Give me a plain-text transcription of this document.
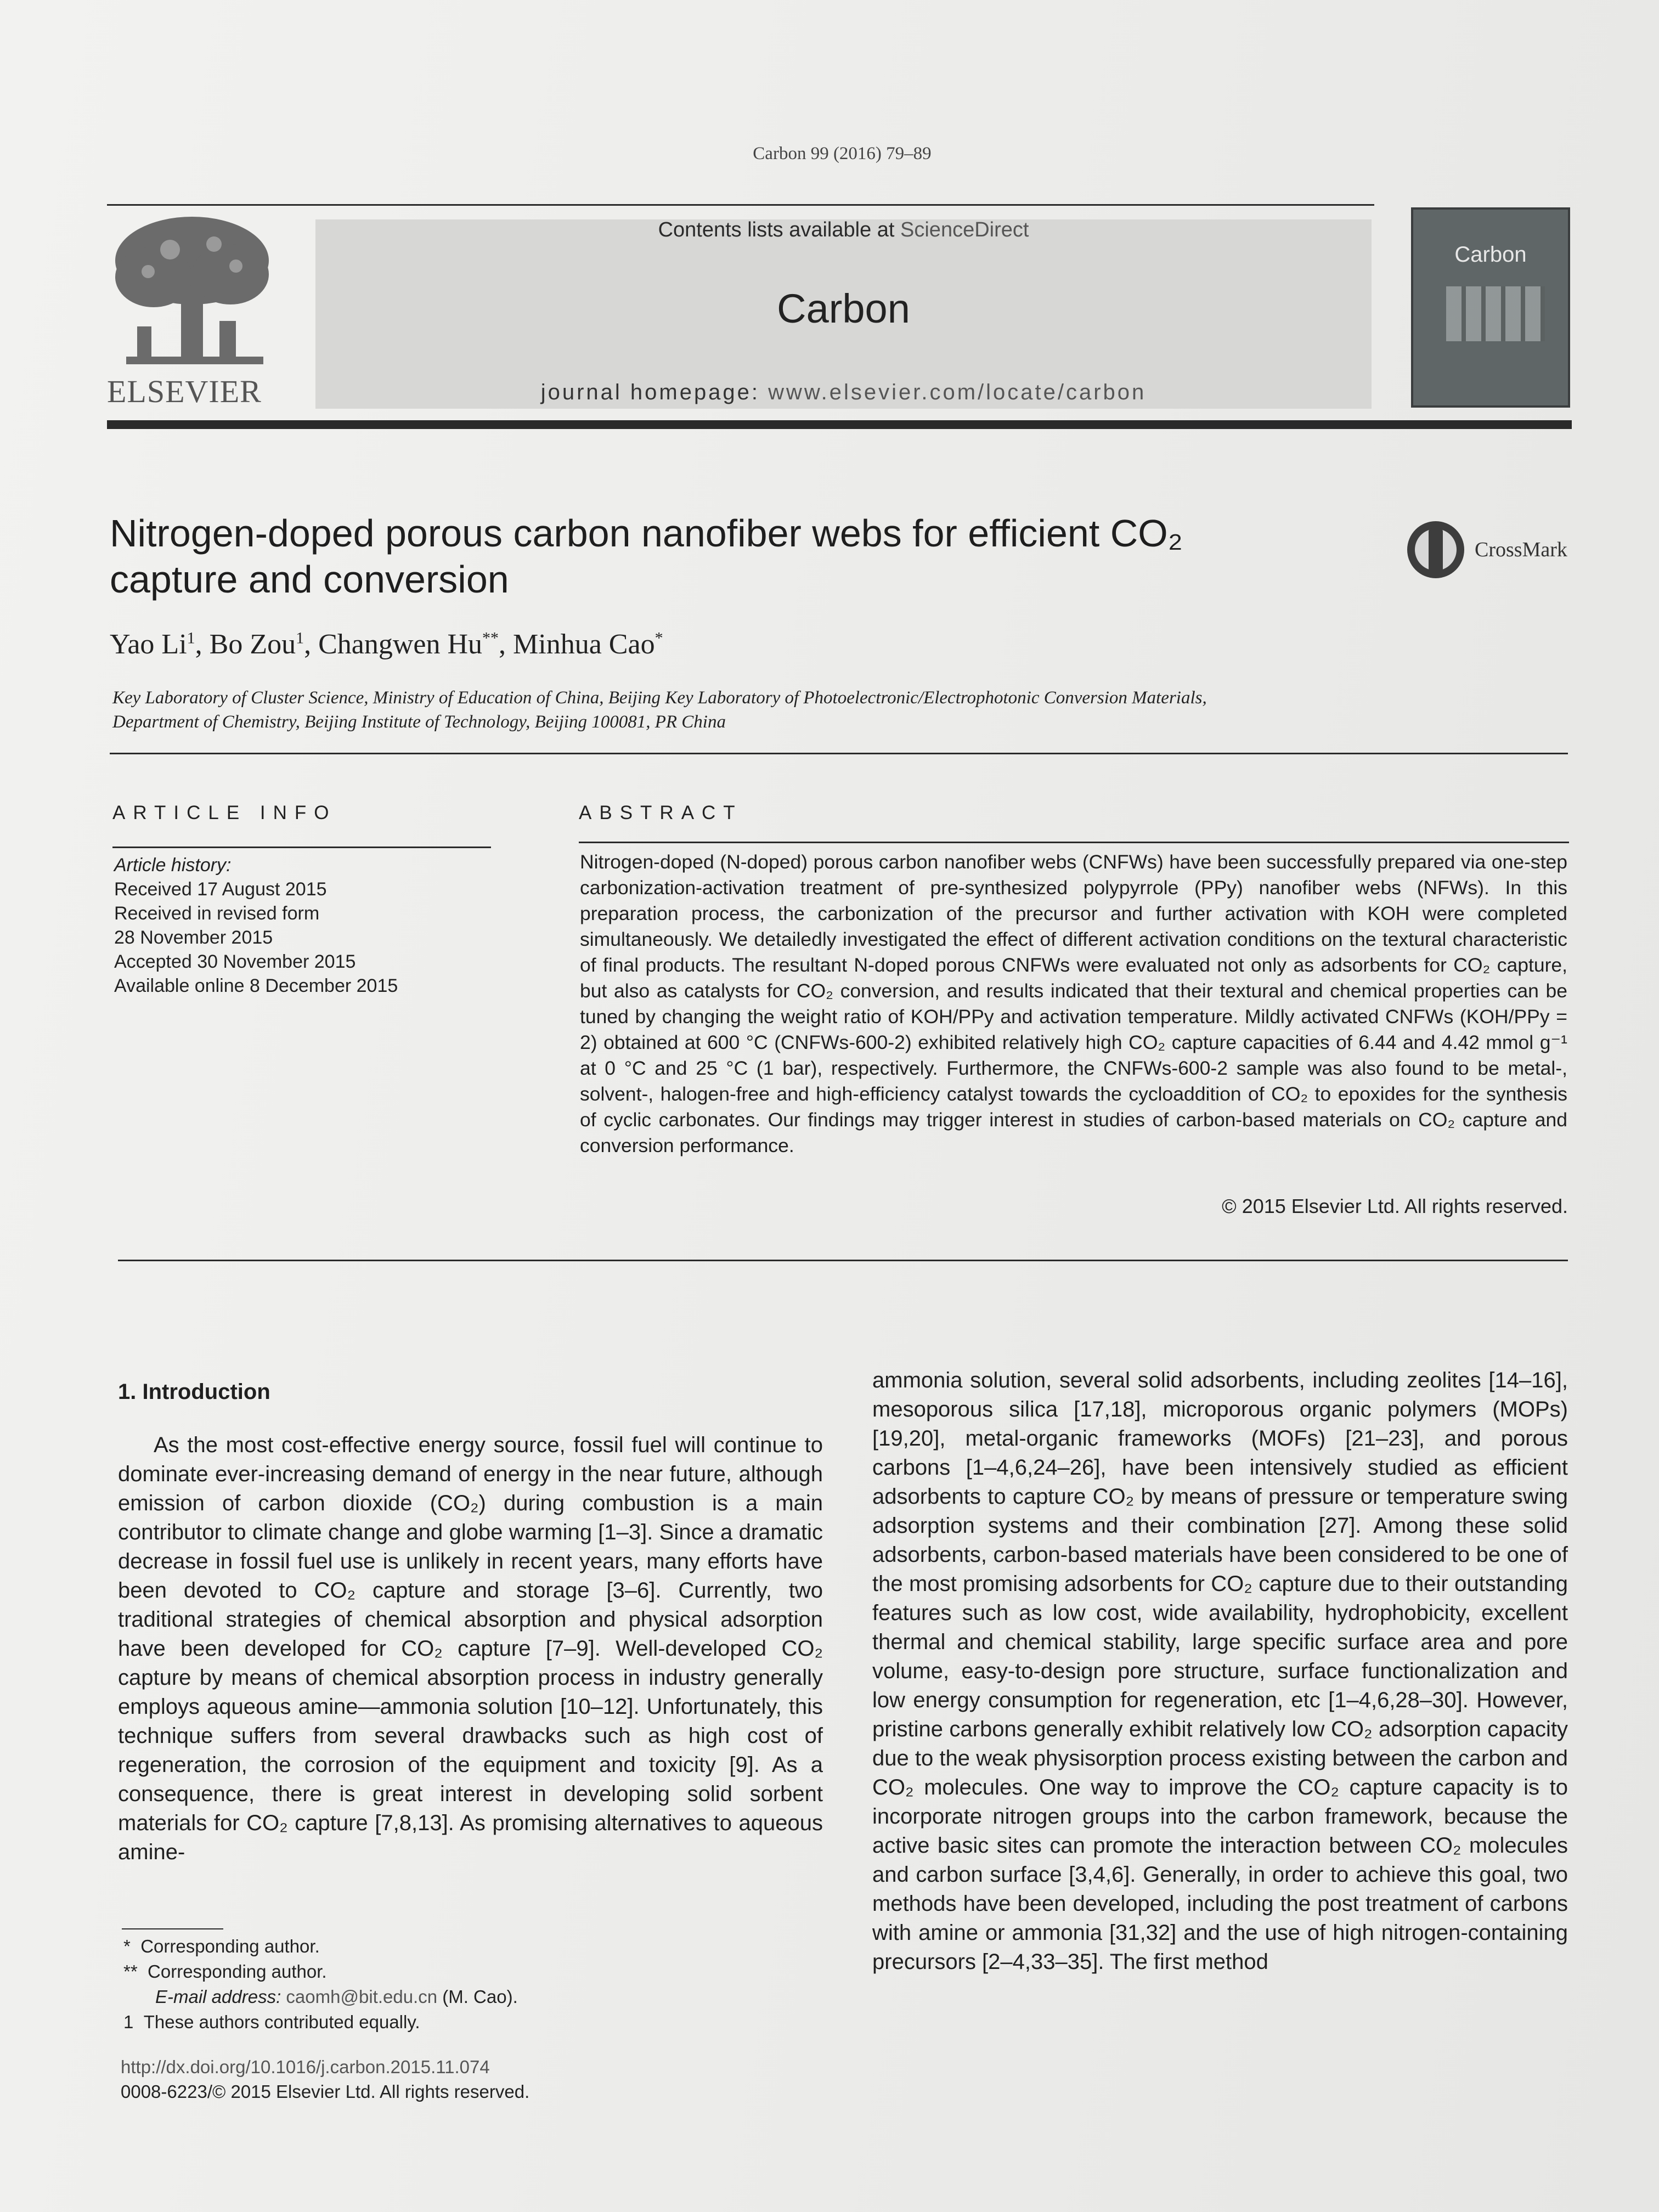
Carbon 99 (2016) 79–89
ELSEVIER
Contents lists available at ScienceDirect
Carbon
journal homepage: www.elsevier.com/locate/carbon
Carbon
Nitrogen-doped porous carbon nanofiber webs for efficient CO₂
capture and conversion
CrossMark
Yao Li$^1$, Bo Zou$^1$, Changwen Hu**, Minhua Cao*
Key Laboratory of Cluster Science, Ministry of Education of China, Beijing Key Laboratory of Photoelectronic/Electrophotonic Conversion Materials,
Department of Chemistry, Beijing Institute of Technology, Beijing 100081, PR China
ARTICLE INFO
Article history:
Received 17 August 2015
Received in revised form
28 November 2015
Accepted 30 November 2015
Available online 8 December 2015
ABSTRACT
Nitrogen-doped (N-doped) porous carbon nanofiber webs (CNFWs) have been successfully prepared via one-step carbonization-activation treatment of pre-synthesized polypyrrole (PPy) nanofiber webs (NFWs). In this preparation process, the carbonization of the precursor and further activation with KOH were completed simultaneously. We detailedly investigated the effect of different activation conditions on the textural characteristic of final products. The resultant N-doped porous CNFWs were evaluated not only as adsorbents for CO₂ capture, but also as catalysts for CO₂ conversion, and results indicated that their textural and chemical properties can be tuned by changing the weight ratio of KOH/PPy and activation temperature. Mildly activated CNFWs (KOH/PPy = 2) obtained at 600 °C (CNFWs-600-2) exhibited relatively high CO₂ capture capacities of 6.44 and 4.42 mmol g⁻¹ at 0 °C and 25 °C (1 bar), respectively. Furthermore, the CNFWs-600-2 sample was also found to be metal-, solvent-, halogen-free and high-efficiency catalyst towards the cycloaddition of CO₂ to epoxides for the synthesis of cyclic carbonates. Our findings may trigger interest in studies of carbon-based materials on CO₂ capture and conversion performance.
© 2015 Elsevier Ltd. All rights reserved.
1. Introduction
As the most cost-effective energy source, fossil fuel will continue to dominate ever-increasing demand of energy in the near future, although emission of carbon dioxide (CO₂) during combustion is a main contributor to climate change and globe warming [1–3]. Since a dramatic decrease in fossil fuel use is unlikely in recent years, many efforts have been devoted to CO₂ capture and storage [3–6]. Currently, two traditional strategies of chemical absorption and physical adsorption have been developed for CO₂ capture [7–9]. Well-developed CO₂ capture by means of chemical absorption process in industry generally employs aqueous amine—ammonia solution [10–12]. Unfortunately, this technique suffers from several drawbacks such as high cost of regeneration, the corrosion of the equipment and toxicity [9]. As a consequence, there is great interest in developing solid sorbent materials for CO₂ capture [7,8,13]. As promising alternatives to aqueous amine-
ammonia solution, several solid adsorbents, including zeolites [14–16], mesoporous silica [17,18], microporous organic polymers (MOPs) [19,20], metal-organic frameworks (MOFs) [21–23], and porous carbons [1–4,6,24–26], have been intensively studied as efficient adsorbents to capture CO₂ by means of pressure or temperature swing adsorption systems and their combination [27]. Among these solid adsorbents, carbon-based materials have been considered to be one of the most promising adsorbents for CO₂ capture due to their outstanding features such as low cost, wide availability, hydrophobicity, excellent thermal and chemical stability, large specific surface area and pore volume, easy-to-design pore structure, surface functionalization and low energy consumption for regeneration, etc [1–4,6,28–30]. However, pristine carbons generally exhibit relatively low CO₂ adsorption capacity due to the weak physisorption process existing between the carbon and CO₂ molecules. One way to improve the CO₂ capture capacity is to incorporate nitrogen groups into the carbon framework, because the active basic sites can promote the interaction between CO₂ molecules and carbon surface [3,4,6]. Generally, in order to achieve this goal, two methods have been developed, including the post treatment of carbons with amine or ammonia [31,32] and the use of high nitrogen-containing precursors [2–4,33–35]. The first method
* Corresponding author.
** Corresponding author.
E-mail address: caomh@bit.edu.cn (M. Cao).
1 These authors contributed equally.
http://dx.doi.org/10.1016/j.carbon.2015.11.074
0008-6223/© 2015 Elsevier Ltd. All rights reserved.
